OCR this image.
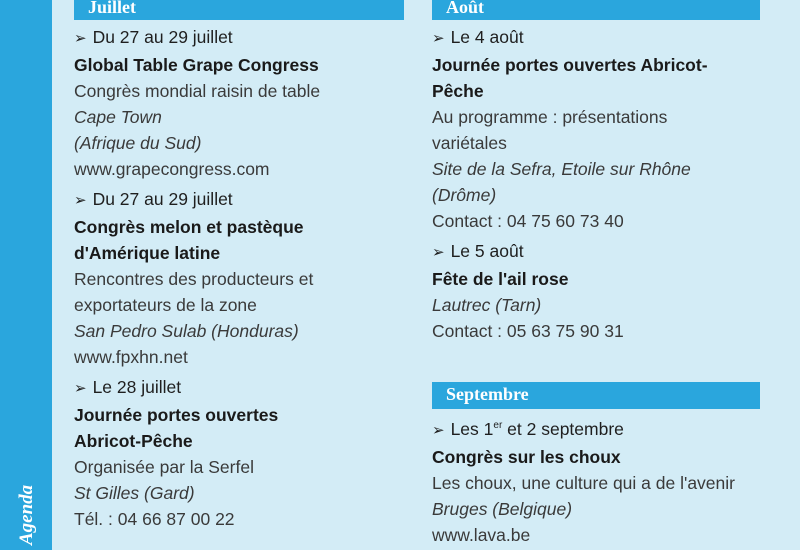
Agenda
Juillet
➢ Du 27 au 29 juillet
Global Table Grape Congress
Congrès mondial raisin de table
Cape Town
(Afrique du Sud)
www.grapecongress.com
➢ Du 27 au 29 juillet
Congrès melon et pastèque
d'Amérique latine
Rencontres des producteurs et
exportateurs de la zone
San Pedro Sulab (Honduras)
www.fpxhn.net
➢ Le 28 juillet
Journée portes ouvertes
Abricot-Pêche
Organisée par la Serfel
St Gilles (Gard)
Tél. : 04 66 87 00 22
Août
➢ Le 4 août
Journée portes ouvertes Abricot-
Pêche
Au programme : présentations
variétales
Site de la Sefra, Etoile sur Rhône
(Drôme)
Contact : 04 75 60 73 40
➢ Le 5 août
Fête de l'ail rose
Lautrec (Tarn)
Contact : 05 63 75 90 31
Septembre
➢ Les 1er et 2 septembre
Congrès sur les choux
Les choux, une culture qui a de l'avenir
Bruges (Belgique)
www.lava.be
